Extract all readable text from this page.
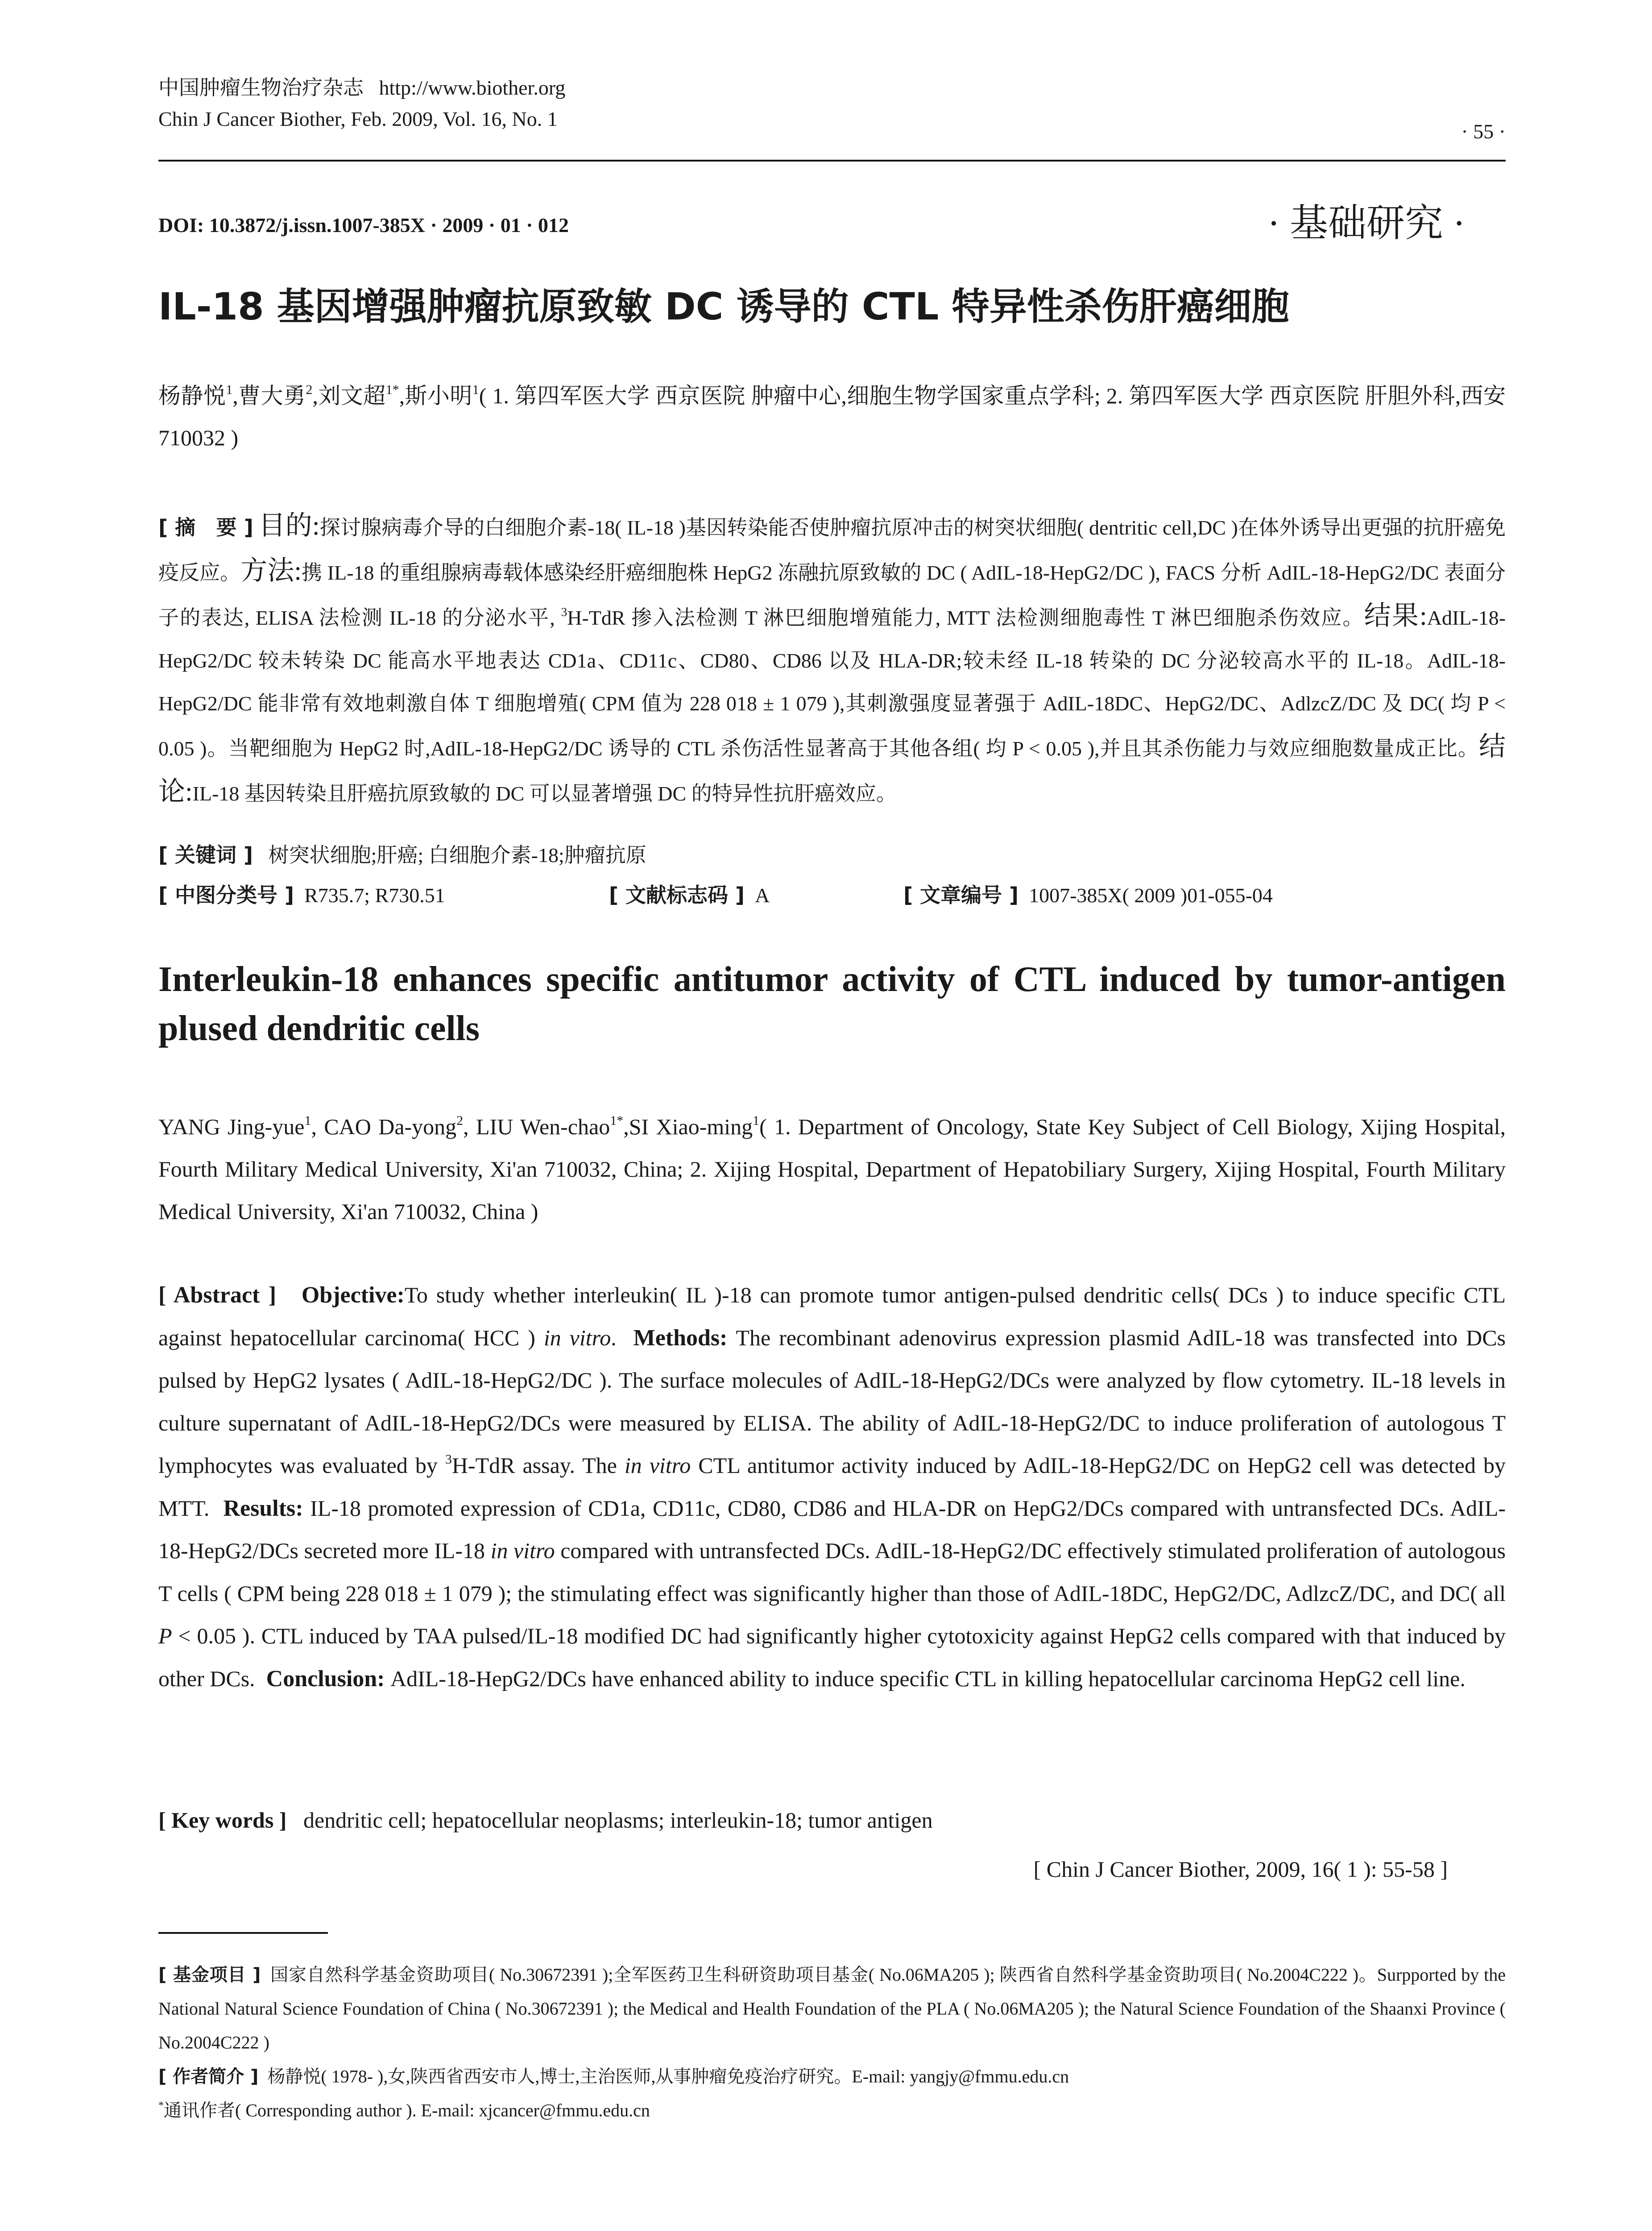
中国肿瘤生物治疗杂志 http://www.biother.org
Chin J Cancer Biother, Feb. 2009, Vol. 16, No. 1
· 55 ·
DOI: 10.3872/j.issn.1007-385X · 2009 · 01 · 012	· 基础研究 ·
IL-18 基因增强肿瘤抗原致敏 DC 诱导的 CTL 特异性杀伤肝癌细胞
杨静悦$^1$,曹大勇$^2$,刘文超$^{1*}$,斯小明$^1$( 1. 第四军医大学 西京医院 肿瘤中心,细胞生物学国家重点学科; 2. 第四军医大学 西京医院 肝胆外科,西安　710032 )
[ 摘　要 ] 目的:探讨腺病毒介导的白细胞介素-18( IL-18 )基因转染能否使肿瘤抗原冲击的树突状细胞( dentritic cell,DC )在体外诱导出更强的抗肝癌免疫反应。方法:携 IL-18 的重组腺病毒载体感染经肝癌细胞株 HepG2 冻融抗原致敏的 DC ( AdIL-18-HepG2/DC ), FACS 分析 AdIL-18-HepG2/DC 表面分子的表达, ELISA 法检测 IL-18 的分泌水平, $^3$H-TdR 掺入法检测 T 淋巴细胞增殖能力, MTT 法检测细胞毒性 T 淋巴细胞杀伤效应。结果:AdIL-18-HepG2/DC 较未转染 DC 能高水平地表达 CD1a、CD11c、CD80、CD86 以及 HLA-DR;较未经 IL-18 转染的 DC 分泌较高水平的 IL-18。AdIL-18-HepG2/DC 能非常有效地刺激自体 T 细胞增殖( CPM 值为 228 018 ± 1 079 ),其刺激强度显著强于 AdIL-18DC、HepG2/DC、AdlzcZ/DC 及 DC( 均 P < 0.05 )。当靶细胞为 HepG2 时,AdIL-18-HepG2/DC 诱导的 CTL 杀伤活性显著高于其他各组( 均 P < 0.05 ),并且其杀伤能力与效应细胞数量成正比。结论:IL-18 基因转染且肝癌抗原致敏的 DC 可以显著增强 DC 的特异性抗肝癌效应。
[ 关键词 ] 树突状细胞;肝癌; 白细胞介素-18;肿瘤抗原
[ 中图分类号 ] R735.7; R730.51	[ 文献标志码 ] A	[ 文章编号 ] 1007-385X( 2009 )01-055-04
Interleukin-18 enhances specific antitumor activity of CTL induced by tumor-antigen plused dendritic cells
YANG Jing-yue$^1$, CAO Da-yong$^2$, LIU Wen-chao$^{1*}$,SI Xiao-ming$^1$( 1. Department of Oncology, State Key Subject of Cell Biology, Xijing Hospital, Fourth Military Medical University, Xi'an 710032, China; 2. Xijing Hospital, Department of Hepatobiliary Surgery, Xijing Hospital, Fourth Military Medical University, Xi'an 710032, China )
[ Abstract ] Objective:To study whether interleukin( IL )-18 can promote tumor antigen-pulsed dendritic cells( DCs ) to induce specific CTL against hepatocellular carcinoma( HCC ) in vitro. Methods: The recombinant adenovirus expression plasmid AdIL-18 was transfected into DCs pulsed by HepG2 lysates ( AdIL-18-HepG2/DC ). The surface molecules of AdIL-18-HepG2/DCs were analyzed by flow cytometry. IL-18 levels in culture supernatant of AdIL-18-HepG2/DCs were measured by ELISA. The ability of AdIL-18-HepG2/DC to induce proliferation of autologous T lymphocytes was evaluated by $^3$H-TdR assay. The in vitro CTL antitumor activity induced by AdIL-18-HepG2/DC on HepG2 cell was detected by MTT. Results: IL-18 promoted expression of CD1a, CD11c, CD80, CD86 and HLA-DR on HepG2/DCs compared with untransfected DCs. AdIL-18-HepG2/DCs secreted more IL-18 in vitro compared with untransfected DCs. AdIL-18-HepG2/DC effectively stimulated proliferation of autologous T cells ( CPM being 228 018 ± 1 079 ); the stimulating effect was significantly higher than those of AdIL-18DC, HepG2/DC, AdlzcZ/DC, and DC( all P < 0.05 ). CTL induced by TAA pulsed/IL-18 modified DC had significantly higher cytotoxicity against HepG2 cells compared with that induced by other DCs. Conclusion: AdIL-18-HepG2/DCs have enhanced ability to induce specific CTL in killing hepatocellular carcinoma HepG2 cell line.
[ Key words ] dendritic cell; hepatocellular neoplasms; interleukin-18; tumor antigen
[ Chin J Cancer Biother, 2009, 16( 1 ): 55-58 ]
[ 基金项目 ] 国家自然科学基金资助项目( No.30672391 );全军医药卫生科研资助项目基金( No.06MA205 ); 陕西省自然科学基金资助项目( No.2004C222 )。Surpported by the National Natural Science Foundation of China ( No.30672391 ); the Medical and Health Foundation of the PLA ( No.06MA205 ); the Natural Science Foundation of the Shaanxi Province ( No.2004C222 )
[ 作者简介 ] 杨静悦( 1978- ),女,陕西省西安市人,博士,主治医师,从事肿瘤免疫治疗研究。E-mail: yangjy@fmmu.edu.cn
*通讯作者( Corresponding author ). E-mail: xjcancer@fmmu.edu.cn
